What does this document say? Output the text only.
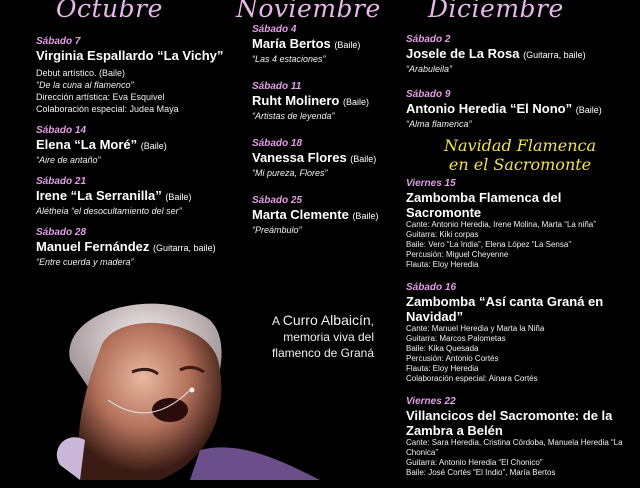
Octubre	Noviembre Diciembre
Sábado 7
Virginia Espallardo “La Vichy”
Debut artístico. (Baile)
“De la cuna al flamenco”
Dirección artística: Eva Esquivel
Colaboración especial: Judea Maya
Sábado 14
Elena “La Moré” (Baile)
“Aire de antaño”
Sábado 21
Irene “La Serranilla” (Baile)
Alétheia “el desocultamiento del ser”
Sábado 28
Manuel Fernández (Guitarra, baile)
“Entre cuerda y madera”
Sábado 4
María Bertos (Baile)
“Las 4 estaciones”
Sábado 11
Ruht Molinero (Baile)
“Artistas de leyenda”
Sábado 18
Vanessa Flores (Baile)
“Mi pureza, Flores”
Sábado 25
Marta Clemente (Baile)
“Preámbulo”
A Curro Albaicín,
memoria viva del
flamenco de Graná
Sábado 2
Josele de La Rosa (Guitarra, baile)
“Arabuleila”
Sábado 9
Antonio Heredia “El Nono” (Baile)
“Alma flamenca”
Navidad Flamenca
en el Sacromonte
Viernes 15
Zambomba Flamenca del Sacromonte
Cante: Antonio Heredia, Irene Molina, Marta “La niña”
Guitarra: Kiki corpas
Baile: Vero “La India”, Elena López “La Sensa”
Percusión: Miguel Cheyenne
Flauta: Eloy Heredia
Sábado 16
Zambomba “Así canta Graná en Navidad”
Cante: Manuel Heredia y Marta la Niña
Guitarra: Marcos Palometas
Baile: Kika Quesada
Percusión: Antonio Cortés
Flauta: Eloy Heredia
Colaboración especial: Ainara Cortés
Viernes 22
Villancicos del Sacromonte: de la Zambra a Belén
Cante: Sara Heredia, Cristina Córdoba, Manuela Heredia “La Chonica”
Guitarra: Antonio Heredia “El Chonico”
Baile: José Cortés “El Indio”, María Bertos
